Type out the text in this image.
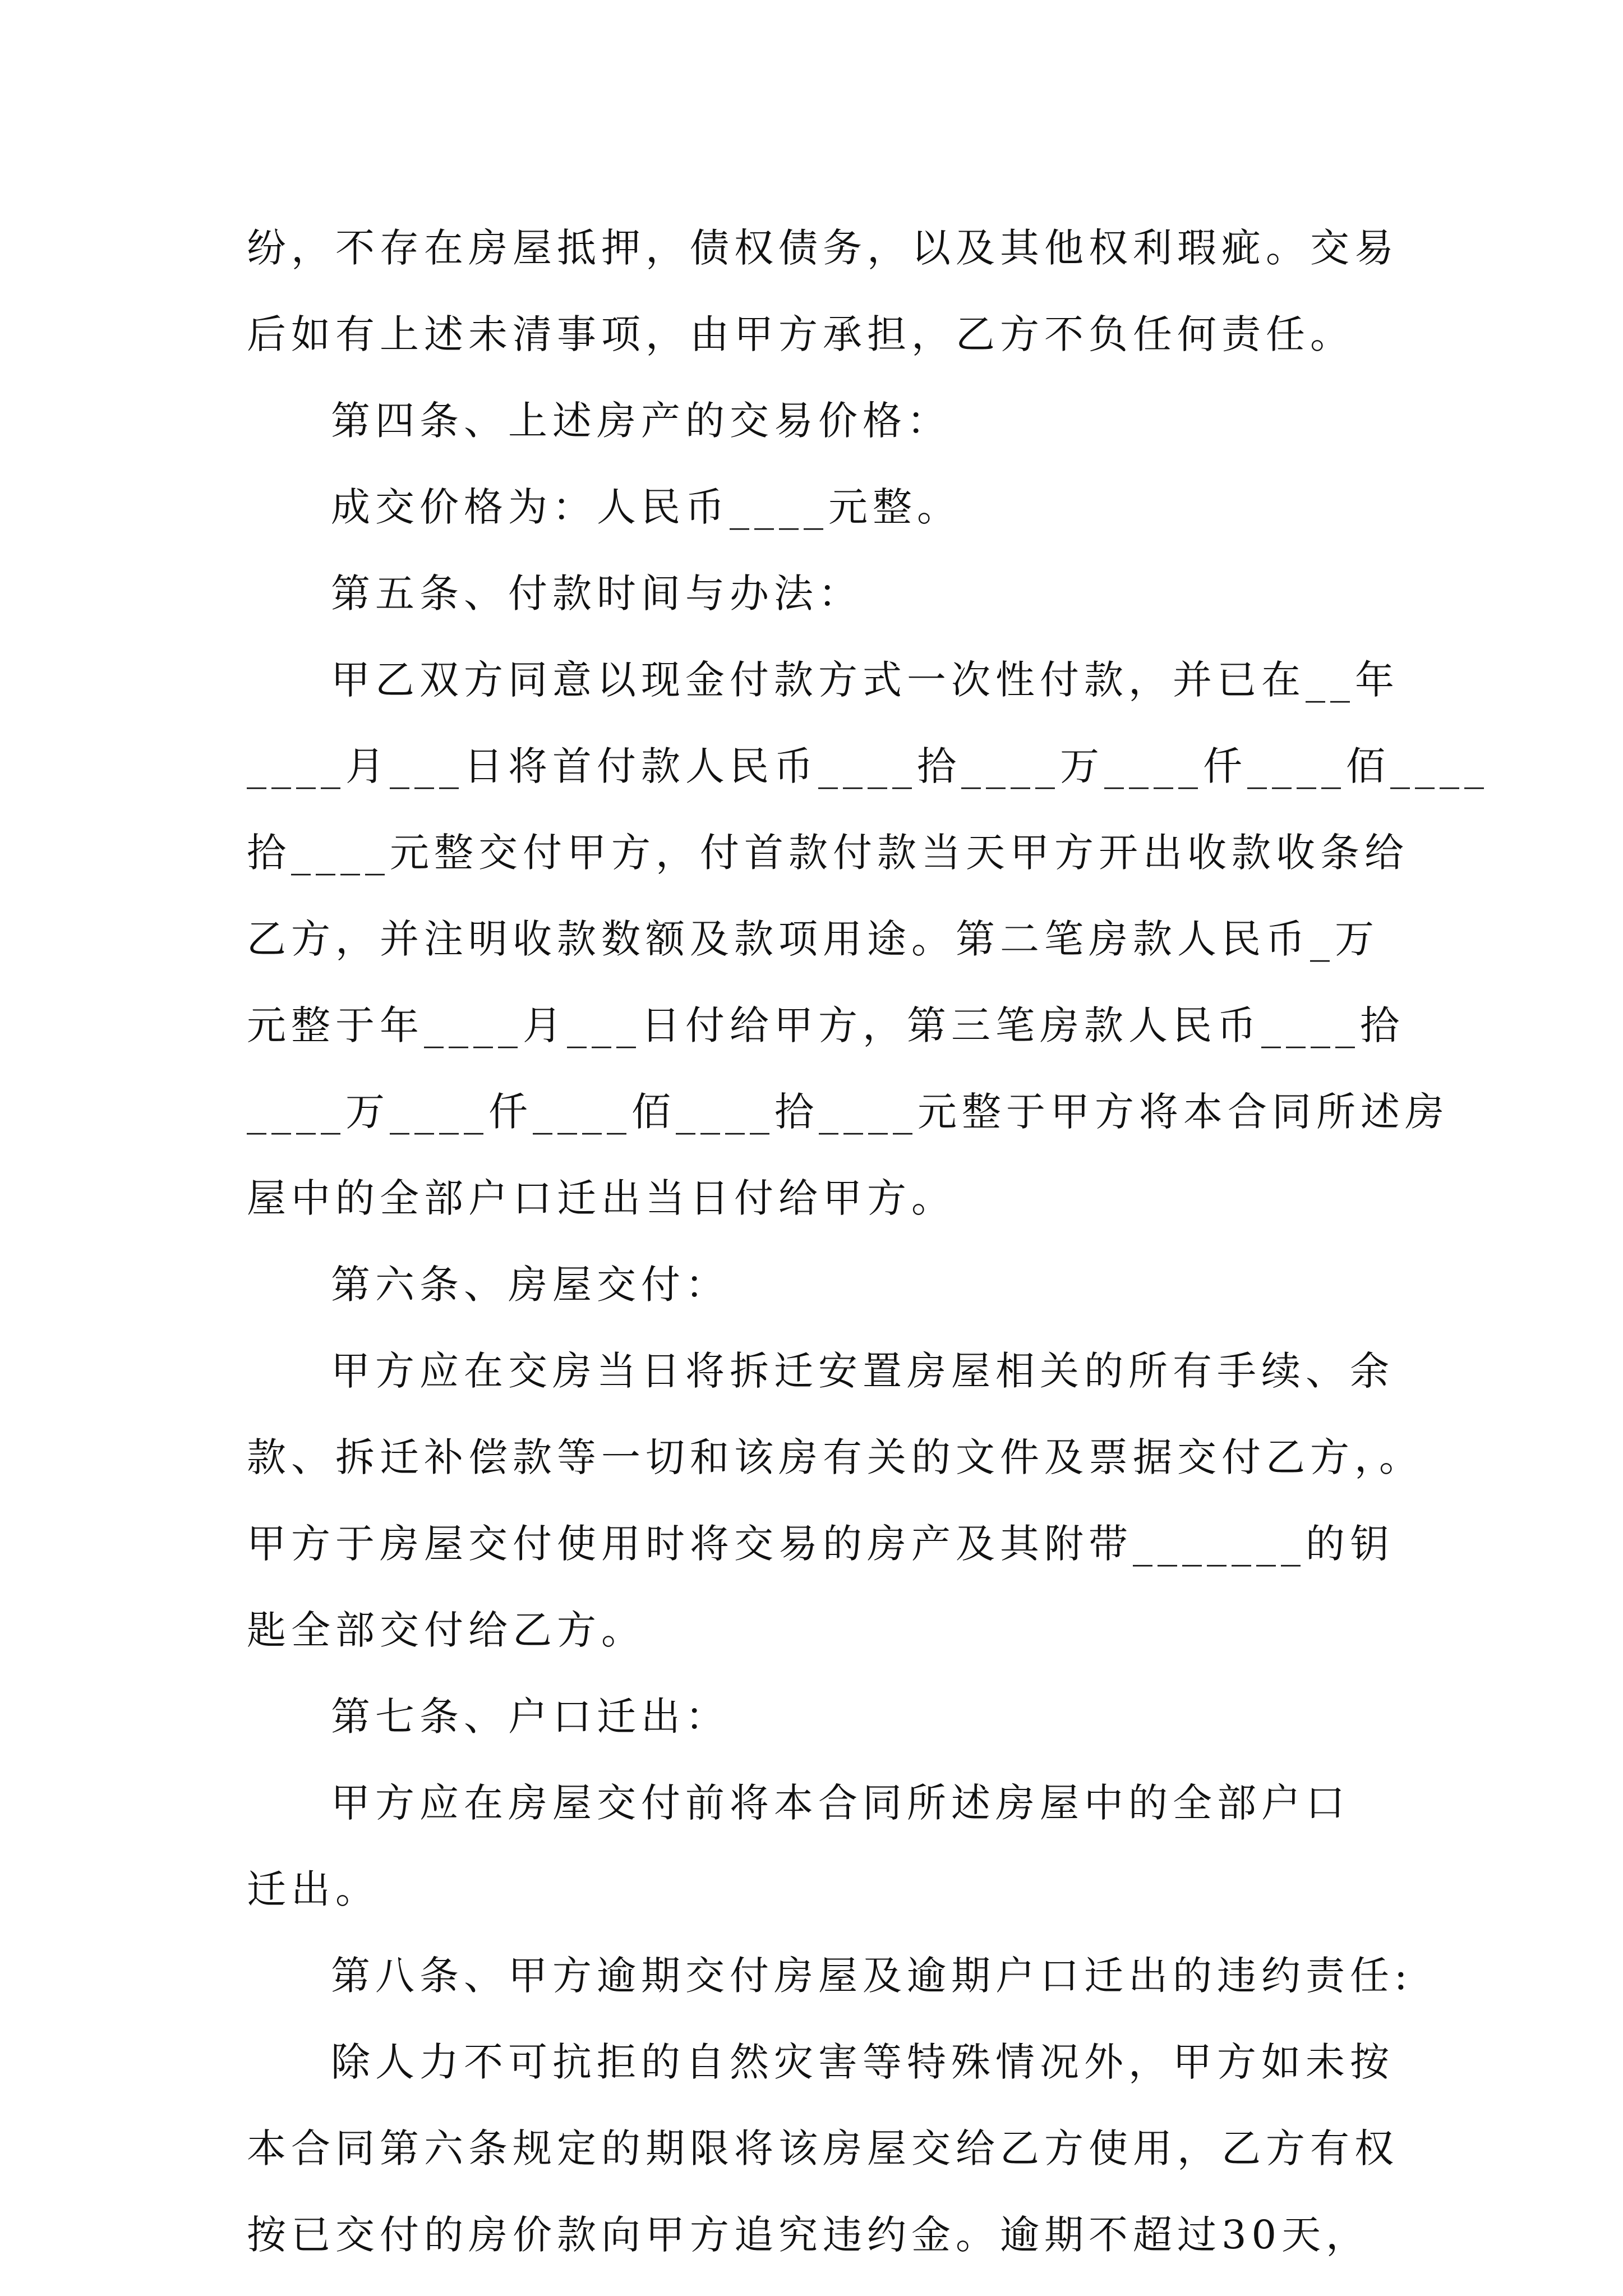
纷，不存在房屋抵押，债权债务，以及其他权利瑕疵。交易
后如有上述未清事项，由甲方承担，乙方不负任何责任。
第四条、上述房产的交易价格：
成交价格为：人民币____元整。
第五条、付款时间与办法：
甲乙双方同意以现金付款方式一次性付款，并已在__年
____月___日将首付款人民币____拾____万____仟____佰____
拾____元整交付甲方，付首款付款当天甲方开出收款收条给
乙方，并注明收款数额及款项用途。第二笔房款人民币_万
元整于年____月___日付给甲方，第三笔房款人民币____拾
____万____仟____佰____拾____元整于甲方将本合同所述房
屋中的全部户口迁出当日付给甲方。
第六条、房屋交付：
甲方应在交房当日将拆迁安置房屋相关的所有手续、余
款、拆迁补偿款等一切和该房有关的文件及票据交付乙方，。
甲方于房屋交付使用时将交易的房产及其附带_______的钥
匙全部交付给乙方。
第七条、户口迁出：
甲方应在房屋交付前将本合同所述房屋中的全部户口
迁出。
第八条、甲方逾期交付房屋及逾期户口迁出的违约责任:
除人力不可抗拒的自然灾害等特殊情况外，甲方如未按
本合同第六条规定的期限将该房屋交给乙方使用，乙方有权
按已交付的房价款向甲方追究违约金。逾期不超过30天，
